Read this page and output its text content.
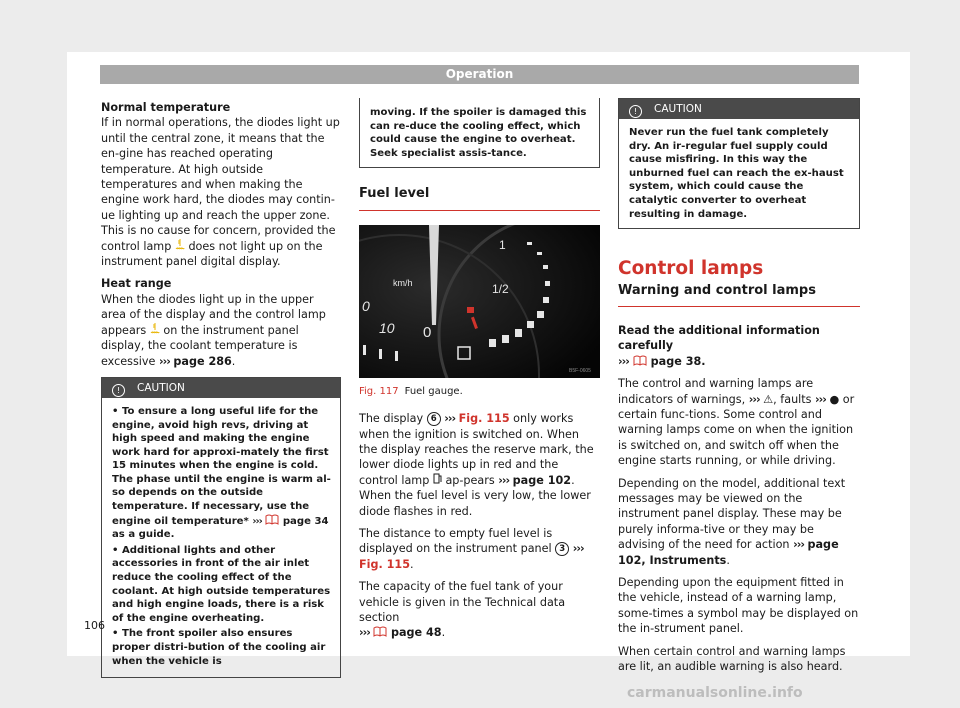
Operation

Normal temperature

If in normal operations, the diodes light up until the central zone, it means that the en-gine has reached operating temperature. At high outside temperatures and when making the engine work hard, the diodes may contin-ue lighting up and reach the upper zone. This is no cause for concern, provided the control lamp does not light up on the instrument panel digital display.

Heat range

When the diodes light up in the upper area of the display and the control lamp appears on the instrument panel display, the coolant temperature is excessive ››› page 286.

! CAUTION

• To ensure a long useful life for the engine, avoid high revs, driving at high speed and making the engine work hard for approxi-mately the first 15 minutes when the engine is cold. The phase until the engine is warm al-so depends on the outside temperature. If necessary, use the engine oil temperature* ››› page 34 as a guide.

• Additional lights and other accessories in front of the air inlet reduce the cooling effect of the coolant. At high outside temperatures and high engine loads, there is a risk of the engine overheating.

• The front spoiler also ensures proper distri-bution of the cooling air when the vehicle is

moving. If the spoiler is damaged this can re-duce the cooling effect, which could cause the engine to overheat. Seek specialist assis-tance.

Fuel level

1
1/2
km/h
0
10 0
B5F-0605

Fig. 117 Fuel gauge.

The display 6 ››› Fig. 115 only works when the ignition is switched on. When the display reaches the reserve mark, the lower diode lights up in red and the control lamp ap-pears ››› page 102. When the fuel level is very low, the lower diode flashes in red.

The distance to empty fuel level is displayed on the instrument panel 3 ››› Fig. 115.

The capacity of the fuel tank of your vehicle is given in the Technical data section
››› page 48.

! CAUTION
Never run the fuel tank completely dry. An ir-regular fuel supply could cause misfiring. In this way the unburned fuel can reach the ex-haust system, which could cause the catalytic converter to overheat resulting in damage.

Control lamps

Warning and control lamps

Read the additional information carefully
››› page 38.

The control and warning lamps are indicators of warnings, ››› ⚠, faults ››› ● or certain func-tions. Some control and warning lamps come on when the ignition is switched on, and switch off when the engine starts running, or while driving.

Depending on the model, additional text messages may be viewed on the instrument panel display. These may be purely informa-tive or they may be advising of the need for action ››› page 102, Instruments.

Depending upon the equipment fitted in the vehicle, instead of a warning lamp, some-times a symbol may be displayed on the in-strument panel.

When certain control and warning lamps are lit, an audible warning is also heard.

106
carmanualsonline.info
